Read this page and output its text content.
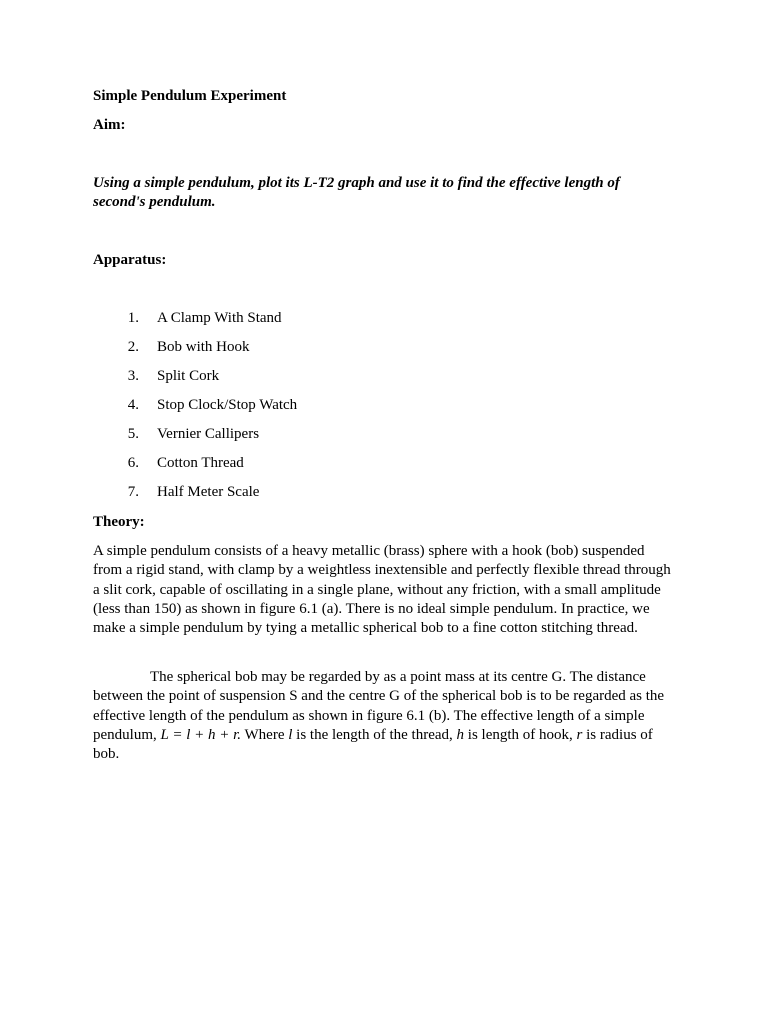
Simple Pendulum Experiment
Aim:
Using a simple pendulum, plot its L-T2 graph and use it to find the effective length of second's pendulum.
Apparatus:
1. A Clamp With Stand
2. Bob with Hook
3. Split Cork
4. Stop Clock/Stop Watch
5. Vernier Callipers
6. Cotton Thread
7. Half Meter Scale
Theory:

A simple pendulum consists of a heavy metallic (brass) sphere with a hook (bob) suspended from a rigid stand, with clamp by a weightless inextensible and perfectly flexible thread through a slit cork, capable of oscillating in a single plane, without any friction, with a small amplitude (less than 150) as shown in figure 6.1 (a). There is no ideal simple pendulum. In practice, we make a simple pendulum by tying a metallic spherical bob to a fine cotton stitching thread.

The spherical bob may be regarded by as a point mass at its centre G. The distance between the point of suspension S and the centre G of the spherical bob is to be regarded as the effective length of the pendulum as shown in figure 6.1 (b). The effective length of a simple pendulum, L = l + h + r. Where l is the length of the thread, h is length of hook, r is radius of bob.
